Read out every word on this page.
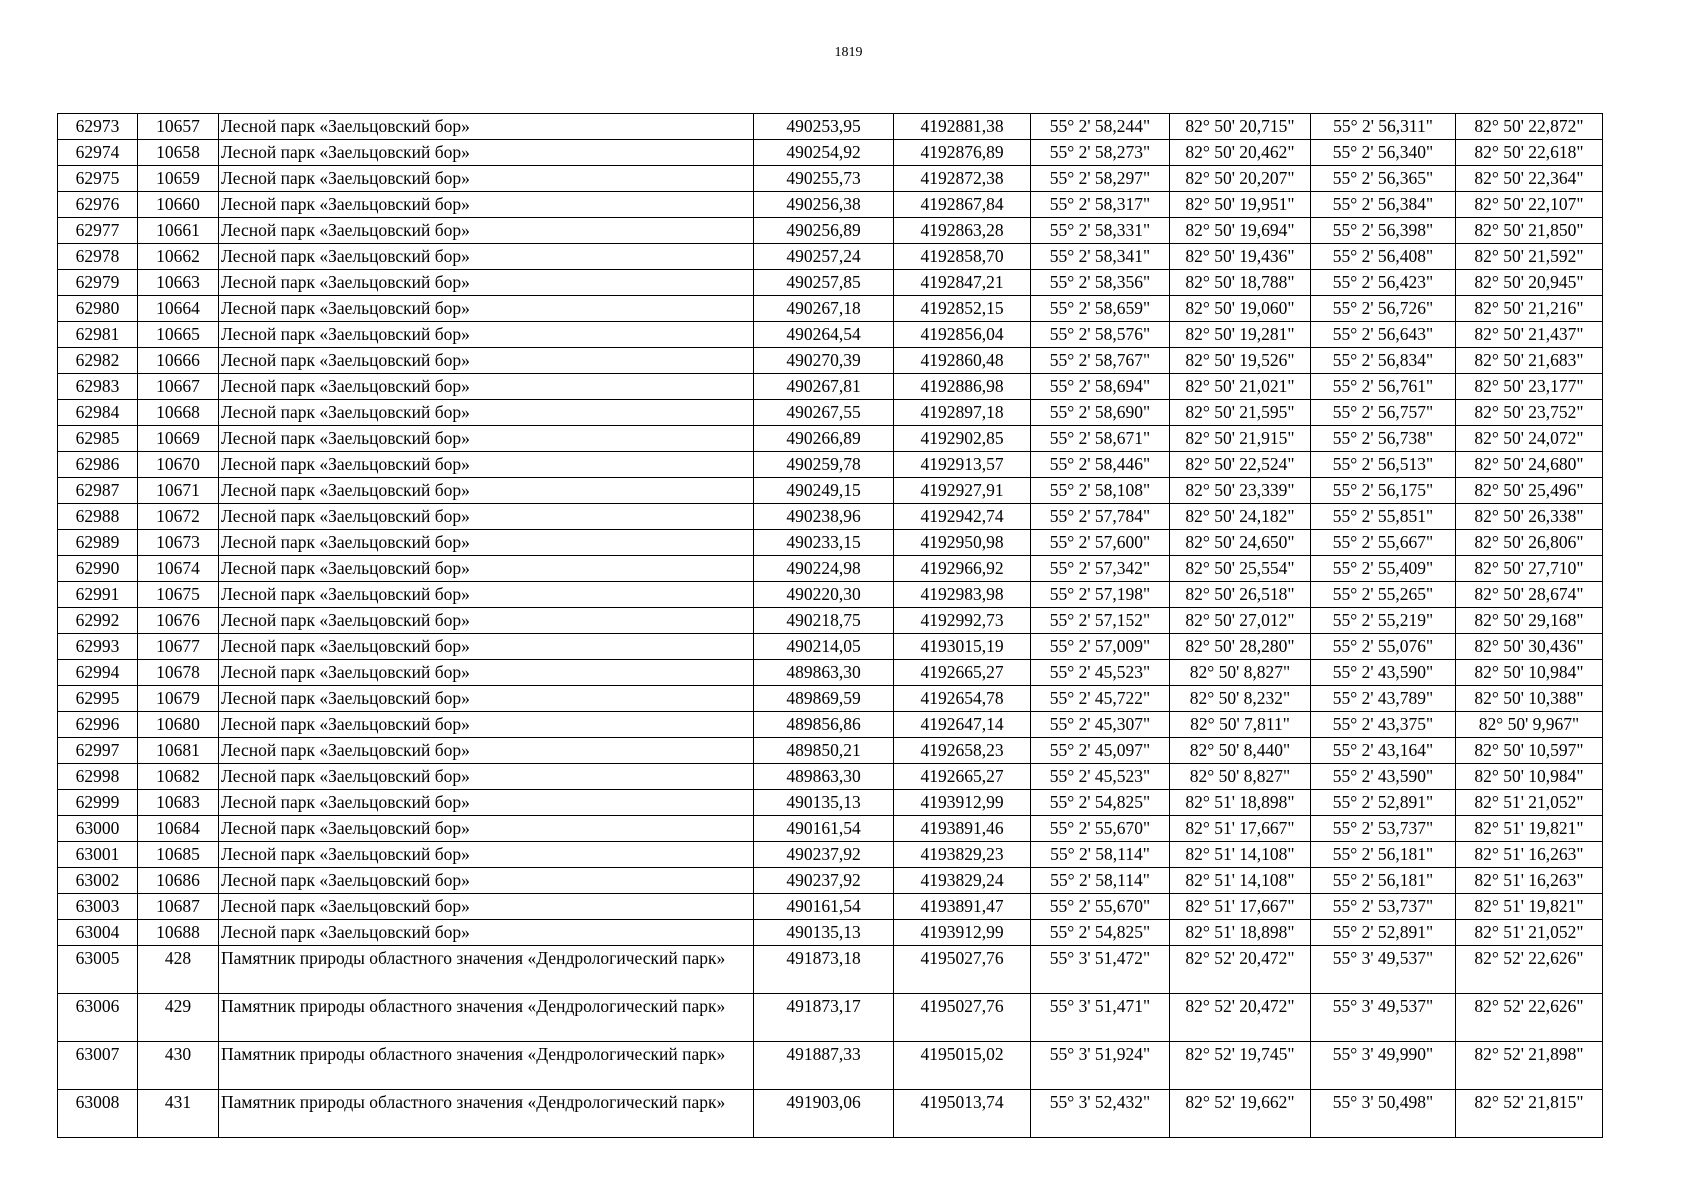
1819
62973	10657	Лесной парк «Заельцовский бор»	490253,95	4192881,38	55° 2' 58,244"	82° 50' 20,715"	55° 2' 56,311"	82° 50' 22,872"
62974	10658	Лесной парк «Заельцовский бор»	490254,92	4192876,89	55° 2' 58,273"	82° 50' 20,462"	55° 2' 56,340"	82° 50' 22,618"
62975	10659	Лесной парк «Заельцовский бор»	490255,73	4192872,38	55° 2' 58,297"	82° 50' 20,207"	55° 2' 56,365"	82° 50' 22,364"
62976	10660	Лесной парк «Заельцовский бор»	490256,38	4192867,84	55° 2' 58,317"	82° 50' 19,951"	55° 2' 56,384"	82° 50' 22,107"
62977	10661	Лесной парк «Заельцовский бор»	490256,89	4192863,28	55° 2' 58,331"	82° 50' 19,694"	55° 2' 56,398"	82° 50' 21,850"
62978	10662	Лесной парк «Заельцовский бор»	490257,24	4192858,70	55° 2' 58,341"	82° 50' 19,436"	55° 2' 56,408"	82° 50' 21,592"
62979	10663	Лесной парк «Заельцовский бор»	490257,85	4192847,21	55° 2' 58,356"	82° 50' 18,788"	55° 2' 56,423"	82° 50' 20,945"
62980	10664	Лесной парк «Заельцовский бор»	490267,18	4192852,15	55° 2' 58,659"	82° 50' 19,060"	55° 2' 56,726"	82° 50' 21,216"
62981	10665	Лесной парк «Заельцовский бор»	490264,54	4192856,04	55° 2' 58,576"	82° 50' 19,281"	55° 2' 56,643"	82° 50' 21,437"
62982	10666	Лесной парк «Заельцовский бор»	490270,39	4192860,48	55° 2' 58,767"	82° 50' 19,526"	55° 2' 56,834"	82° 50' 21,683"
62983	10667	Лесной парк «Заельцовский бор»	490267,81	4192886,98	55° 2' 58,694"	82° 50' 21,021"	55° 2' 56,761"	82° 50' 23,177"
62984	10668	Лесной парк «Заельцовский бор»	490267,55	4192897,18	55° 2' 58,690"	82° 50' 21,595"	55° 2' 56,757"	82° 50' 23,752"
62985	10669	Лесной парк «Заельцовский бор»	490266,89	4192902,85	55° 2' 58,671"	82° 50' 21,915"	55° 2' 56,738"	82° 50' 24,072"
62986	10670	Лесной парк «Заельцовский бор»	490259,78	4192913,57	55° 2' 58,446"	82° 50' 22,524"	55° 2' 56,513"	82° 50' 24,680"
62987	10671	Лесной парк «Заельцовский бор»	490249,15	4192927,91	55° 2' 58,108"	82° 50' 23,339"	55° 2' 56,175"	82° 50' 25,496"
62988	10672	Лесной парк «Заельцовский бор»	490238,96	4192942,74	55° 2' 57,784"	82° 50' 24,182"	55° 2' 55,851"	82° 50' 26,338"
62989	10673	Лесной парк «Заельцовский бор»	490233,15	4192950,98	55° 2' 57,600"	82° 50' 24,650"	55° 2' 55,667"	82° 50' 26,806"
62990	10674	Лесной парк «Заельцовский бор»	490224,98	4192966,92	55° 2' 57,342"	82° 50' 25,554"	55° 2' 55,409"	82° 50' 27,710"
62991	10675	Лесной парк «Заельцовский бор»	490220,30	4192983,98	55° 2' 57,198"	82° 50' 26,518"	55° 2' 55,265"	82° 50' 28,674"
62992	10676	Лесной парк «Заельцовский бор»	490218,75	4192992,73	55° 2' 57,152"	82° 50' 27,012"	55° 2' 55,219"	82° 50' 29,168"
62993	10677	Лесной парк «Заельцовский бор»	490214,05	4193015,19	55° 2' 57,009"	82° 50' 28,280"	55° 2' 55,076"	82° 50' 30,436"
62994	10678	Лесной парк «Заельцовский бор»	489863,30	4192665,27	55° 2' 45,523"	82° 50' 8,827"	55° 2' 43,590"	82° 50' 10,984"
62995	10679	Лесной парк «Заельцовский бор»	489869,59	4192654,78	55° 2' 45,722"	82° 50' 8,232"	55° 2' 43,789"	82° 50' 10,388"
62996	10680	Лесной парк «Заельцовский бор»	489856,86	4192647,14	55° 2' 45,307"	82° 50' 7,811"	55° 2' 43,375"	82° 50' 9,967"
62997	10681	Лесной парк «Заельцовский бор»	489850,21	4192658,23	55° 2' 45,097"	82° 50' 8,440"	55° 2' 43,164"	82° 50' 10,597"
62998	10682	Лесной парк «Заельцовский бор»	489863,30	4192665,27	55° 2' 45,523"	82° 50' 8,827"	55° 2' 43,590"	82° 50' 10,984"
62999	10683	Лесной парк «Заельцовский бор»	490135,13	4193912,99	55° 2' 54,825"	82° 51' 18,898"	55° 2' 52,891"	82° 51' 21,052"
63000	10684	Лесной парк «Заельцовский бор»	490161,54	4193891,46	55° 2' 55,670"	82° 51' 17,667"	55° 2' 53,737"	82° 51' 19,821"
63001	10685	Лесной парк «Заельцовский бор»	490237,92	4193829,23	55° 2' 58,114"	82° 51' 14,108"	55° 2' 56,181"	82° 51' 16,263"
63002	10686	Лесной парк «Заельцовский бор»	490237,92	4193829,24	55° 2' 58,114"	82° 51' 14,108"	55° 2' 56,181"	82° 51' 16,263"
63003	10687	Лесной парк «Заельцовский бор»	490161,54	4193891,47	55° 2' 55,670"	82° 51' 17,667"	55° 2' 53,737"	82° 51' 19,821"
63004	10688	Лесной парк «Заельцовский бор»	490135,13	4193912,99	55° 2' 54,825"	82° 51' 18,898"	55° 2' 52,891"	82° 51' 21,052"
63005	428	Памятник природы областного значения «Дендрологический парк»	491873,18	4195027,76	55° 3' 51,472"	82° 52' 20,472"	55° 3' 49,537"	82° 52' 22,626"
63006	429	Памятник природы областного значения «Дендрологический парк»	491873,17	4195027,76	55° 3' 51,471"	82° 52' 20,472"	55° 3' 49,537"	82° 52' 22,626"
63007	430	Памятник природы областного значения «Дендрологический парк»	491887,33	4195015,02	55° 3' 51,924"	82° 52' 19,745"	55° 3' 49,990"	82° 52' 21,898"
63008	431	Памятник природы областного значения «Дендрологический парк»	491903,06	4195013,74	55° 3' 52,432"	82° 52' 19,662"	55° 3' 50,498"	82° 52' 21,815"
